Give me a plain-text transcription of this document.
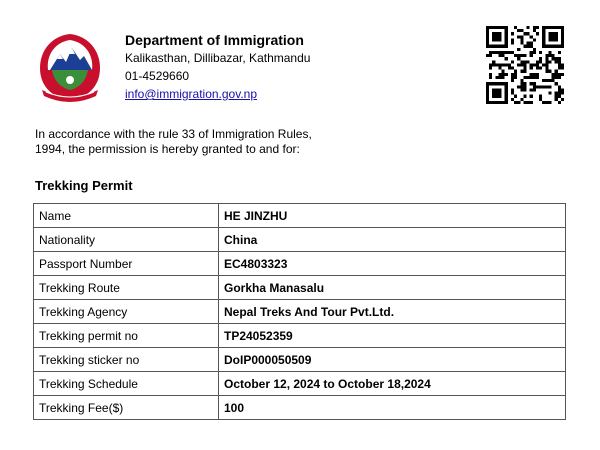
Department of Immigration
Kalikasthan, Dillibazar, Kathmandu
01-4529660
info@immigration.gov.np
In accordance with the rule 33 of Immigration Rules,
1994, the permission is hereby granted to and for:
Trekking Permit
Name	HE JINZHU
Nationality	China
Passport Number	EC4803323
Trekking Route	Gorkha Manasalu
Trekking Agency	Nepal Treks And Tour Pvt.Ltd.
Trekking permit no	TP24052359
Trekking sticker no	DoIP000050509
Trekking Schedule	October 12, 2024 to October 18,2024
Trekking Fee($)	100
